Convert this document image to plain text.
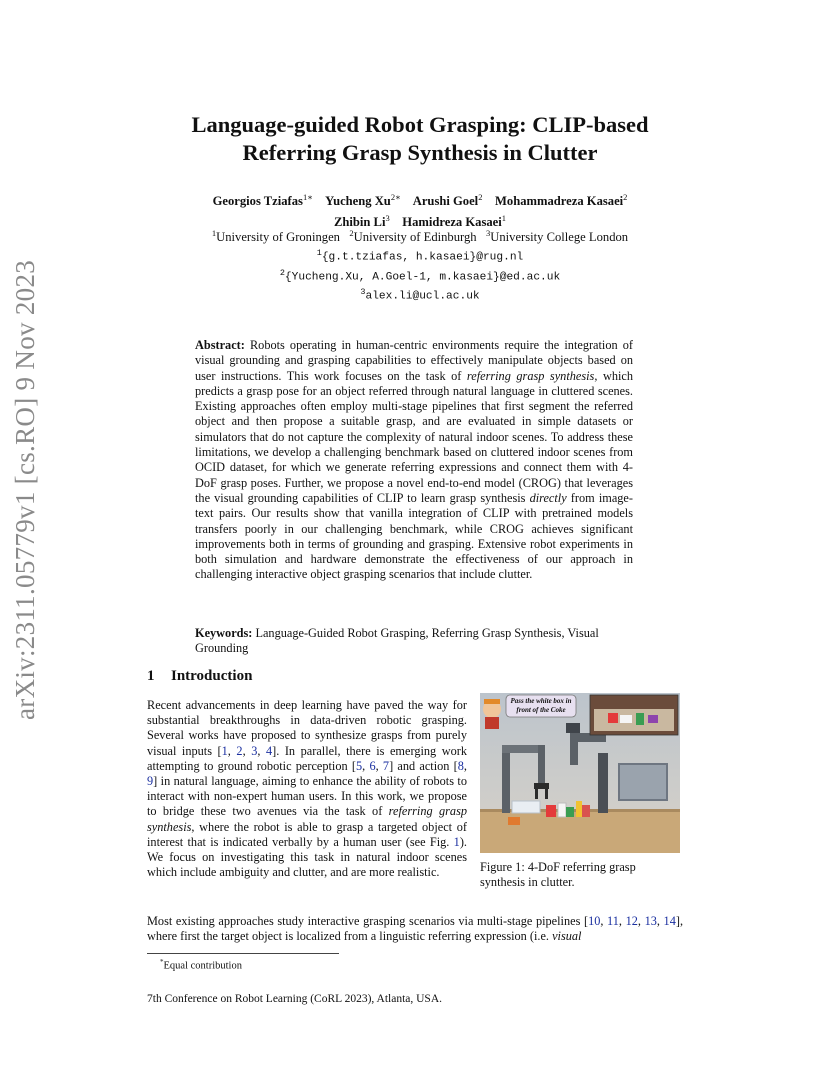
arXiv:2311.05779v1 [cs.RO] 9 Nov 2023
Language-guided Robot Grasping: CLIP-based
Referring Grasp Synthesis in Clutter
Georgios Tziafas$^{1∗}$ Yucheng $Xu^{2∗}$ Arushi Goel$^2$ Mohammadreza Kasaei$^2$
Zhibin Li$^3$ Hamidreza Kasaei$^1$
$^1$University of Groningen $^2$University of Edinburgh $^3$University College London
$^1${g.t.tziafas, h.kasaei}@rug.nl
$^2${Yucheng.Xu, A.Goel-1, m.kasaei}@ed.ac.uk
$^3$alex.li@ucl.ac.uk
Abstract: Robots operating in human-centric environments require the integration of visual grounding and grasping capabilities to effectively manipulate objects based on user instructions. This work focuses on the task of referring grasp synthesis, which predicts a grasp pose for an object referred through natural language in cluttered scenes. Existing approaches often employ multi-stage pipelines that first segment the referred object and then propose a suitable grasp, and are evaluated in simple datasets or simulators that do not capture the complexity of natural indoor scenes. To address these limitations, we develop a challenging benchmark based on cluttered indoor scenes from OCID dataset, for which we generate referring expressions and connect them with 4-DoF grasp poses. Further, we propose a novel end-to-end model (CROG) that leverages the visual grounding capabilities of CLIP to learn grasp synthesis directly from image-text pairs. Our results show that vanilla integration of CLIP with pretrained models transfers poorly in our challenging benchmark, while CROG achieves significant improvements both in terms of grounding and grasping. Extensive robot experiments in both simulation and hardware demonstrate the effectiveness of our approach in challenging interactive object grasping scenarios that include clutter.
Keywords: Language-Guided Robot Grasping, Referring Grasp Synthesis, Visual Grounding
1 Introduction
Recent advancements in deep learning have paved the way for substantial breakthroughs in data-driven robotic grasping. Several works have proposed to synthesize grasps from purely visual inputs [1, 2, 3, 4]. In parallel, there is emerging work attempting to ground robotic perception [5, 6, 7] and action [8, 9] in natural language, aiming to enhance the ability of robots to interact with non-expert human users. In this work, we propose to bridge these two avenues via the task of referring grasp synthesis, where the robot is able to grasp a targeted object of interest that is indicated verbally by a human user (see Fig. 1). We focus on investigating this task in natural indoor scenes which include ambiguity and clutter, and are more realistic.
Pass the white box in
front of the Coke
Figure 1: 4-DoF referring grasp synthesis in clutter.
Most existing approaches study interactive grasping scenarios via multi-stage pipelines [10, 11, 12, 13, 14], where first the target object is localized from a linguistic referring expression (i.e. visual
*Equal contribution
7th Conference on Robot Learning (CoRL 2023), Atlanta, USA.
